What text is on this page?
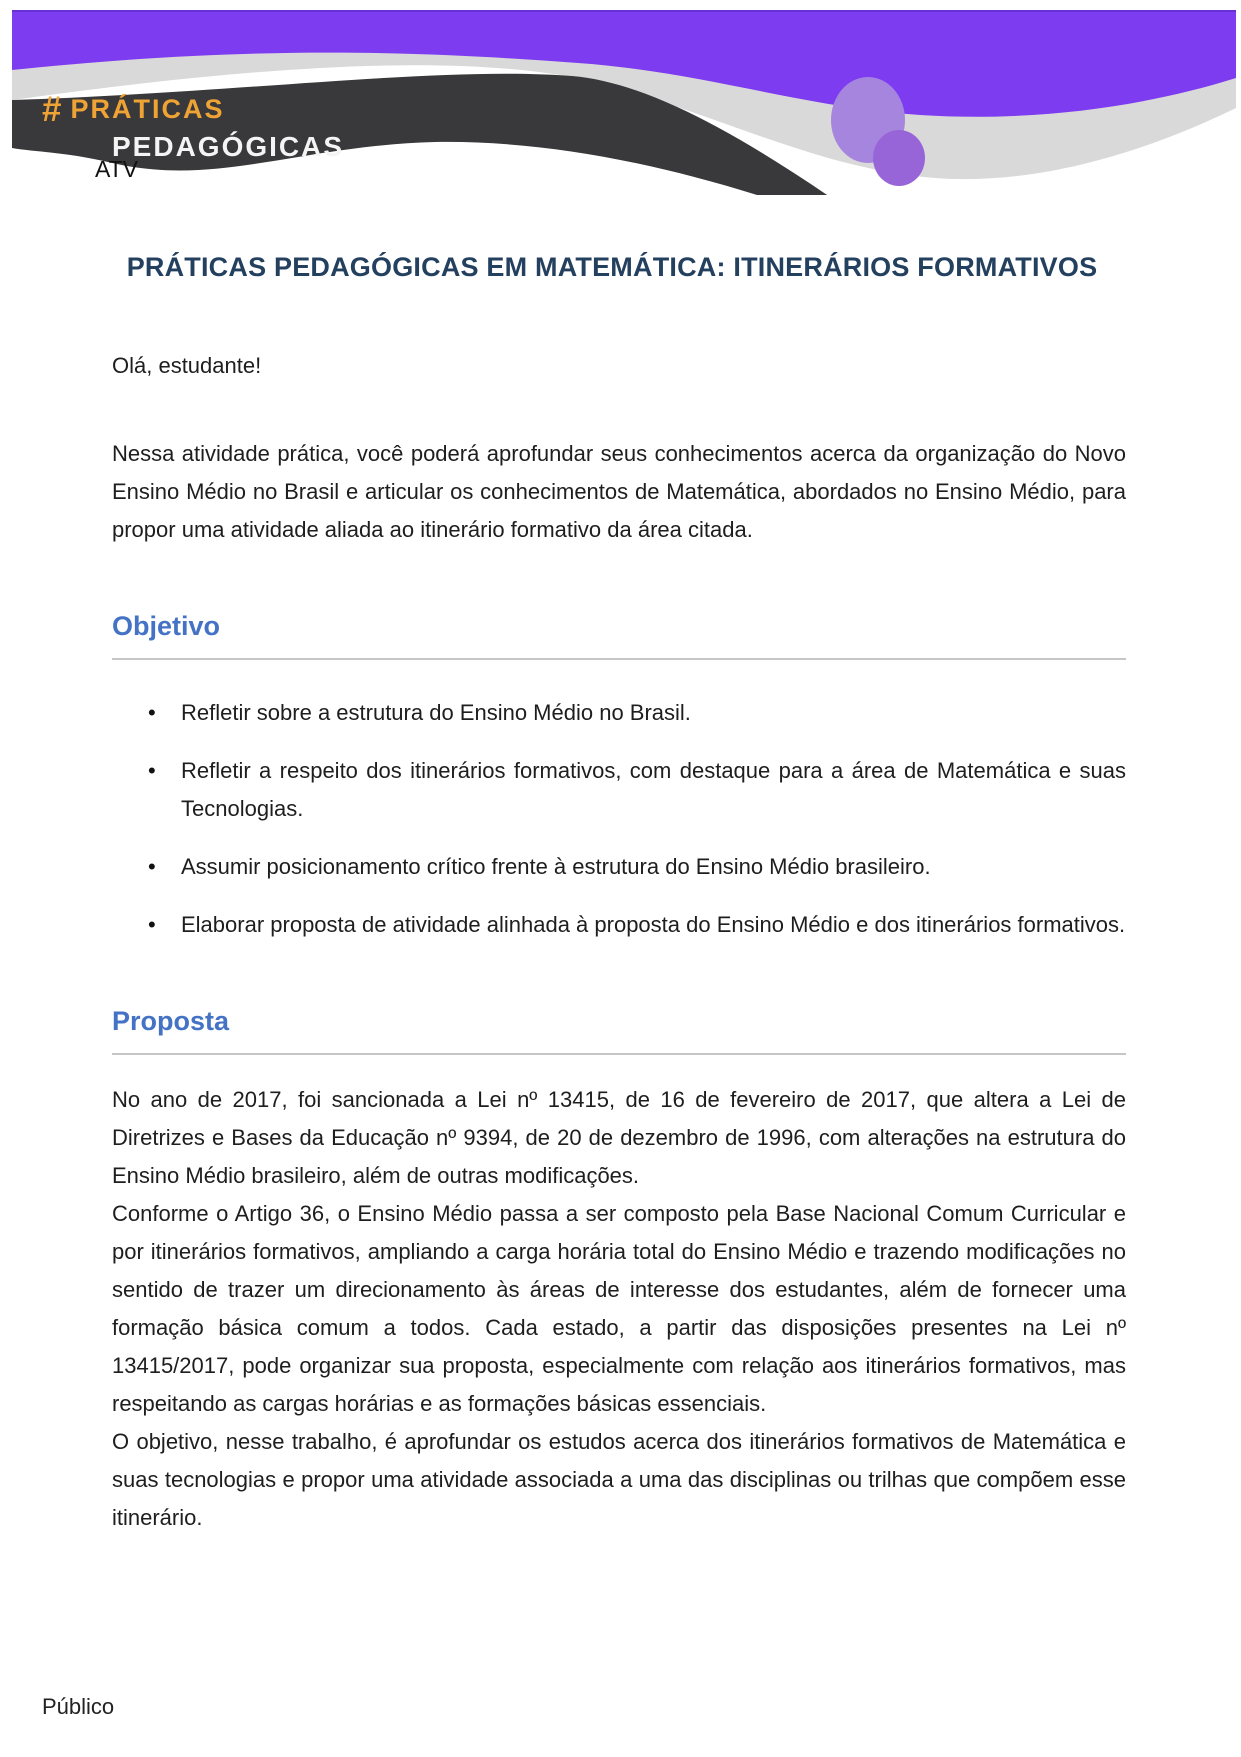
# PRÁTICAS
PEDAGÓGICAS
ATV
PRÁTICAS PEDAGÓGICAS EM MATEMÁTICA: ITINERÁRIOS FORMATIVOS

Olá, estudante!

Nessa atividade prática, você poderá aprofundar seus conhecimentos acerca da organização do Novo Ensino Médio no Brasil e articular os conhecimentos de Matemática, abordados no Ensino Médio, para propor uma atividade aliada ao itinerário formativo da área citada.

Objetivo
• Refletir sobre a estrutura do Ensino Médio no Brasil.
• Refletir a respeito dos itinerários formativos, com destaque para a área de Matemática e suas Tecnologias.
• Assumir posicionamento crítico frente à estrutura do Ensino Médio brasileiro.
• Elaborar proposta de atividade alinhada à proposta do Ensino Médio e dos itinerários formativos.
Proposta

No ano de 2017, foi sancionada a Lei nº 13415, de 16 de fevereiro de 2017, que altera a Lei de Diretrizes e Bases da Educação nº 9394, de 20 de dezembro de 1996, com alterações na estrutura do Ensino Médio brasileiro, além de outras modificações.

Conforme o Artigo 36, o Ensino Médio passa a ser composto pela Base Nacional Comum Curricular e por itinerários formativos, ampliando a carga horária total do Ensino Médio e trazendo modificações no sentido de trazer um direcionamento às áreas de interesse dos estudantes, além de fornecer uma formação básica comum a todos. Cada estado, a partir das disposições presentes na Lei nº 13415/2017, pode organizar sua proposta, especialmente com relação aos itinerários formativos, mas respeitando as cargas horárias e as formações básicas essenciais.

O objetivo, nesse trabalho, é aprofundar os estudos acerca dos itinerários formativos de Matemática e suas tecnologias e propor uma atividade associada a uma das disciplinas ou trilhas que compõem esse itinerário.

Público
